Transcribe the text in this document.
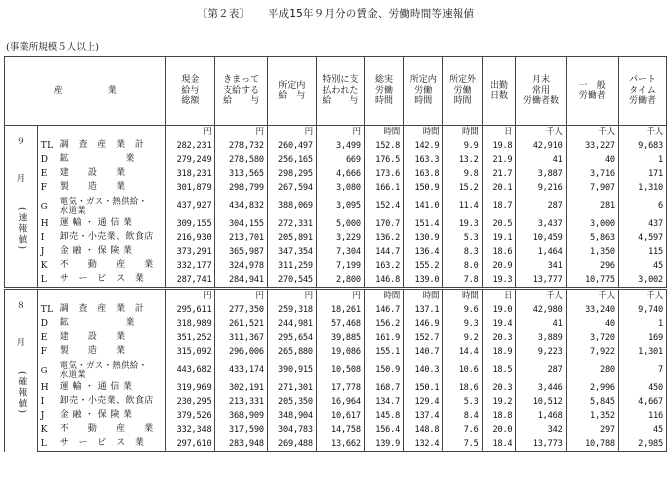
〔第２表〕 平成15年９月分の賃金、労働時間等速報値
(事業所規模５人以上)
産　　　　　業		現金
給与
総額	きまって
支給する
給　　与	所定内
給　与	特別に支
払われた
給　　与	総実
労働
時間	所定内
労働
時間	所定外
労働
時間	出勤
日数	月末
常用
労働者数	一　般
労働者	パート
タイム
労働者

９
月
(速報値)		円	円	円	円	時間	時間	時間	日	千人	千人	千人
	TL 調　査　産　業　計	282,231	278,732	260,497	3,499	152.8	142.9	9.9	19.8	42,910	33,227	9,683
	D 鉱　　　　　　業	279,249	278,580	256,165	669	176.5	163.3	13.2	21.9	41	40	1
	E 建　　設　　業	318,231	313,565	298,295	4,666	173.6	163.8	9.8	21.7	3,887	3,716	171
	F 製　　造　　業	301,879	298,799	267,594	3,080	166.1	150.9	15.2	20.1	9,216	7,907	1,310
	G 電気・ガス・熱供給・
水道業	437,927	434,832	388,069	3,095	152.4	141.0	11.4	18.7	287	281	6
	H 運 輸 ・ 通 信 業	309,155	304,155	272,331	5,000	170.7	151.4	19.3	20.5	3,437	3,000	437
	I 卸売・小売業、飲食店	216,930	213,701	205,891	3,229	136.2	130.9	5.3	19.1	10,459	5,863	4,597
	J 金 融 ・ 保 険 業	373,291	365,987	347,354	7,304	144.7	136.4	8.3	18.6	1,464	1,350	115
	K 不　　動　　産　　業	332,177	324,978	311,259	7,199	163.2	155.2	8.0	20.9	341	296	45
	L サ　ー　ビ　ス　業	287,741	284,941	270,545	2,800	146.8	139.0	7.8	19.3	13,777	10,775	3,002

８
月
(確報値)		円	円	円	円	時間	時間	時間	日	千人	千人	千人
	TL 調　査　産　業　計	295,611	277,350	259,318	18,261	146.7	137.1	9.6	19.0	42,980	33,240	9,740
	D 鉱　　　　　　業	318,989	261,521	244,981	57,468	156.2	146.9	9.3	19.4	41	40	1
	E 建　　設　　業	351,252	311,367	295,654	39,885	161.9	152.7	9.2	20.3	3,889	3,720	169
	F 製　　造　　業	315,092	296,006	265,880	19,086	155.1	140.7	14.4	18.9	9,223	7,922	1,301
	G 電気・ガス・熱供給・
水道業	443,682	433,174	390,915	10,508	150.9	140.3	10.6	18.5	287	280	7
	H 運 輸 ・ 通 信 業	319,969	302,191	271,301	17,778	168.7	150.1	18.6	20.3	3,446	2,996	450
	I 卸売・小売業、飲食店	230,295	213,331	205,350	16,964	134.7	129.4	5.3	19.2	10,512	5,845	4,667
	J 金 融 ・ 保 険 業	379,526	368,909	348,904	10,617	145.8	137.4	8.4	18.8	1,468	1,352	116
	K 不　　動　　産　　業	332,348	317,590	304,783	14,758	156.4	148.8	7.6	20.0	342	297	45
	L サ　ー　ビ　ス　業	297,610	283,948	269,488	13,662	139.9	132.4	7.5	18.4	13,773	10,788	2,985
